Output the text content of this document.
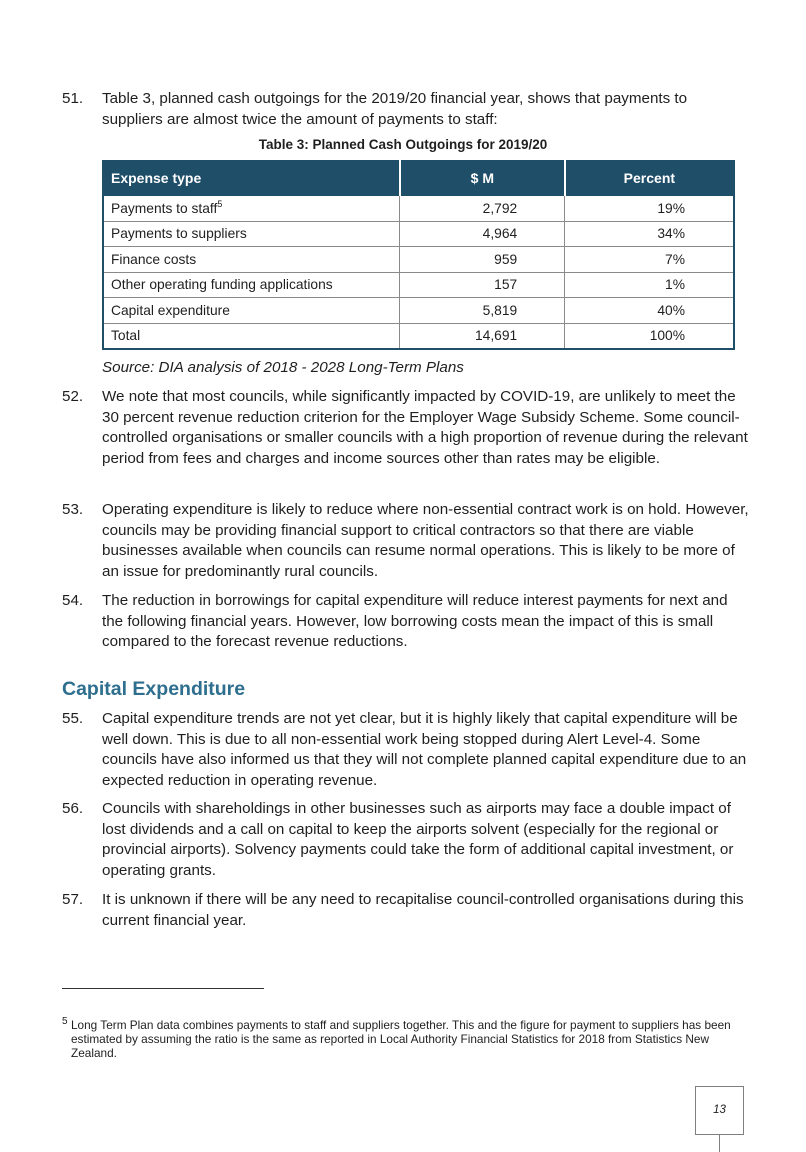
51. Table 3, planned cash outgoings for the 2019/20 financial year, shows that payments to suppliers are almost twice the amount of payments to staff:
Table 3: Planned Cash Outgoings for 2019/20
Expense type	$ M	Percent
Payments to staff$^5$	2,792	19%
Payments to suppliers	4,964	34%
Finance costs	959	7%
Other operating funding applications	157	1%
Capital expenditure	5,819	40%
Total	14,691	100%
Source: DIA analysis of 2018 - 2028 Long-Term Plans
52. We note that most councils, while significantly impacted by COVID-19, are unlikely to meet the 30 percent revenue reduction criterion for the Employer Wage Subsidy Scheme. Some council-controlled organisations or smaller councils with a high proportion of revenue during the relevant period from fees and charges and income sources other than rates may be eligible.
53. Operating expenditure is likely to reduce where non-essential contract work is on hold. However, councils may be providing financial support to critical contractors so that there are viable businesses available when councils can resume normal operations. This is likely to be more of an issue for predominantly rural councils.
54. The reduction in borrowings for capital expenditure will reduce interest payments for next and the following financial years. However, low borrowing costs mean the impact of this is small compared to the forecast revenue reductions.
Capital Expenditure
55. Capital expenditure trends are not yet clear, but it is highly likely that capital expenditure will be well down. This is due to all non-essential work being stopped during Alert Level-4. Some councils have also informed us that they will not complete planned capital expenditure due to an expected reduction in operating revenue.
56. Councils with shareholdings in other businesses such as airports may face a double impact of lost dividends and a call on capital to keep the airports solvent (especially for the regional or provincial airports). Solvency payments could take the form of additional capital investment, or operating grants.
57. It is unknown if there will be any need to recapitalise council-controlled organisations during this current financial year.
5 Long Term Plan data combines payments to staff and suppliers together. This and the figure for payment to suppliers has been estimated by assuming the ratio is the same as reported in Local Authority Financial Statistics for 2018 from Statistics New Zealand.
13
